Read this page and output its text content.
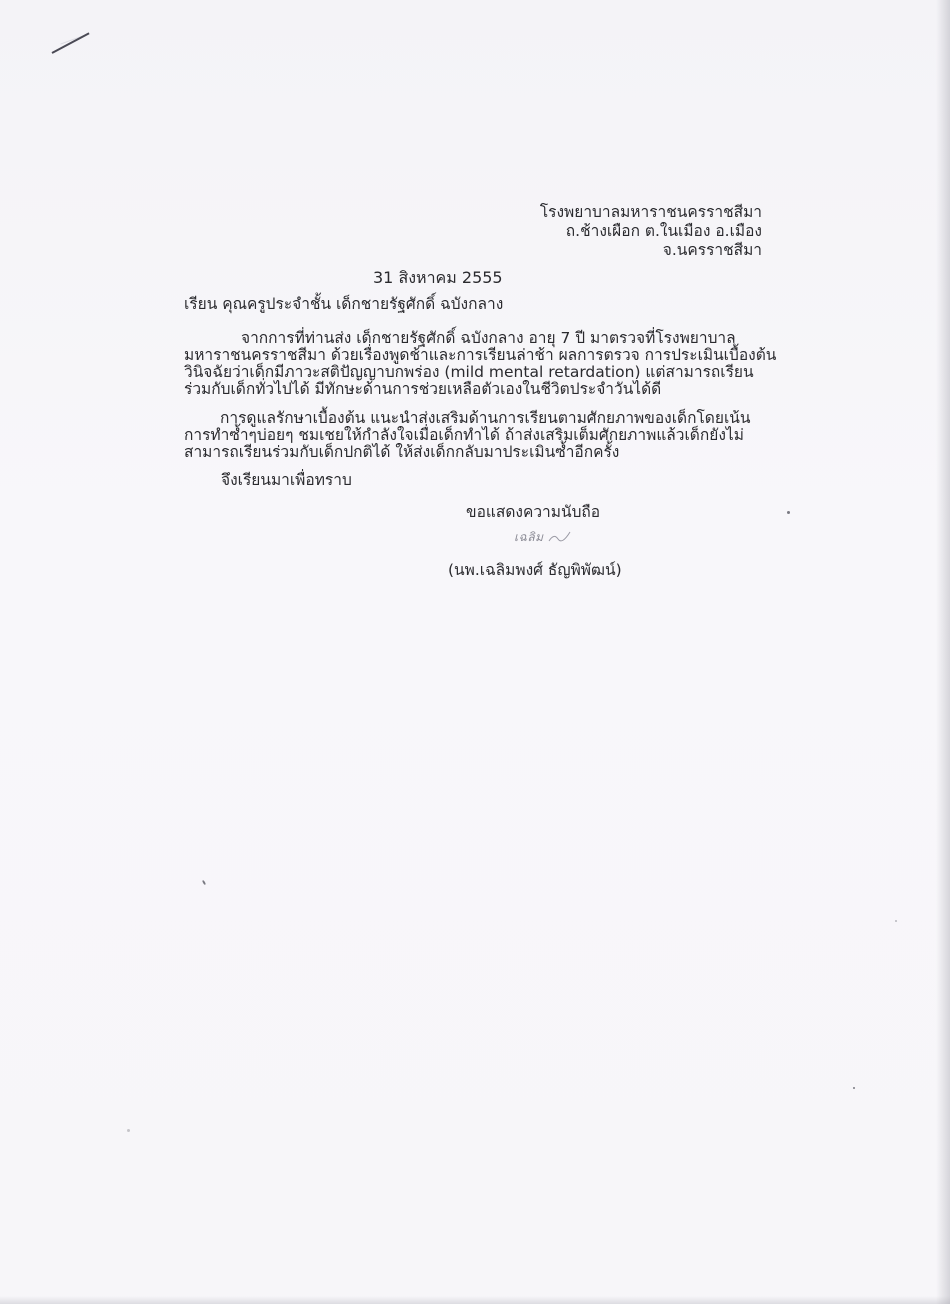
โรงพยาบาลมหาราชนครราชสีมา
ถ.ช้างเผือก ต.ในเมือง อ.เมือง
จ.นครราชสีมา
31 สิงหาคม 2555
เรียน คุณครูประจำชั้น เด็กชายรัฐศักดิ์ ฉบังกลาง
จากการที่ท่านส่ง เด็กชายรัฐศักดิ์ ฉบังกลาง อายุ 7 ปี มาตรวจที่โรงพยาบาล
มหาราชนครราชสีมา ด้วยเรื่องพูดช้าและการเรียนล่าช้า ผลการตรวจ การประเมินเบื้องต้น
วินิจฉัยว่าเด็กมีภาวะสติปัญญาบกพร่อง (mild mental retardation) แต่สามารถเรียน
ร่วมกับเด็กทั่วไปได้ มีทักษะด้านการช่วยเหลือตัวเองในชีวิตประจำวันได้ดี
การดูแลรักษาเบื้องต้น แนะนำส่งเสริมด้านการเรียนตามศักยภาพของเด็กโดยเน้น
การทำซ้ำๆบ่อยๆ ชมเชยให้กำลังใจเมื่อเด็กทำได้ ถ้าส่งเสริมเต็มศักยภาพแล้วเด็กยังไม่
สามารถเรียนร่วมกับเด็กปกติได้ ให้ส่งเด็กกลับมาประเมินซ้ำอีกครั้ง
จึงเรียนมาเพื่อทราบ
ขอแสดงความนับถือ
เฉลิม
(นพ.เฉลิมพงศ์ ธัญพิพัฒน์)
